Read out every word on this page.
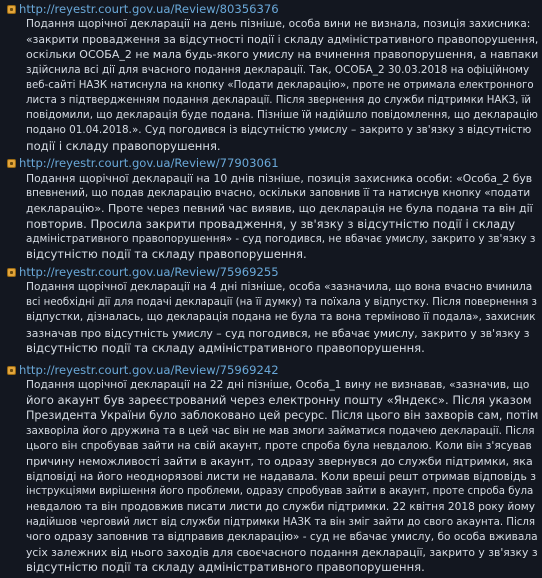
http://reyestr.court.gov.ua/Review/80356376

Подання щорічної декларації на день пізніше, особа вини не визнала, позиція захисника:
«закрити провадження за відсутності події і складу адміністративного правопорушення,
оскільки ОСОБА_2 не мала будь-якого умислу на вчинення правопорушення, а навпаки
здійснила всі дії для вчасного подання декларації. Так, ОСОБА_2 30.03.2018 на офіційному
веб-сайті НАЗК натиснула на кнопку «Подати декларацію», проте не отримала електронного
листа з підтвердженням подання декларації. Після звернення до служби підтримки НАКЗ, їй
повідомили, що декларація буде подана. Пізніше їй надійшло повідомлення, що декларацію
подано 01.04.2018.». Суд погодився із відсутністю умислу – закрито у зв'язку з відсутністю
події і складу правопорушення.

http://reyestr.court.gov.ua/Review/77903061

Подання щорічної декларації на 10 днів пізніше, позиція захисника особи: «Особа_2 був
впевнений, що подав декларацію вчасно, оскільки заповнив її та натиснув кнопку «подати
декларацію». Проте через певний час виявив, що декларація не була подана та він дії
повторив. Просила закрити провадження, у зв'язку з відсутністю події і складу
адміністративного правопорушення» - суд погодився, не вбачає умислу, закрито у зв'язку з
відсутністю події та складу правопорушення.

http://reyestr.court.gov.ua/Review/75969255

Подання щорічної декларації на 4 дні пізніше, особа «зазначила, що вона вчасно вчинила
всі необхідні дії для подачі декларації (на її думку) та поїхала у відпустку. Після повернення з
відпустки, дізналась, що декларація подана не була та вона терміново її подала», захисник
зазначав про відсутність умислу – суд погодився, не вбачає умислу, закрито у зв'язку з
відсутністю події та складу адміністративного правопорушення.

http://reyestr.court.gov.ua/Review/75969242

Подання щорічної декларації на 22 дні пізніше, Особа_1 вину не визнавав, «зазначив, що
його акаунт був зареєстрований через електронну пошту «Яндекс». Після указом
Президента України було заблоковано цей ресурс. Після цього він захворів сам, потім
захворіла його дружина та в цей час він не мав змоги займатися подачею декларації. Після
цього він спробував зайти на свій акаунт, проте спроба була невдалою. Коли він з'ясував
причину неможливості зайти в акаунт, то одразу звернувся до служби підтримки, яка
відповіді на його неоднорязові листи не надавала. Коли вреші решт отримав відповідь з
інструкціями вирішення його проблеми, одразу спробував зайти в акаунт, проте спроба була
невдалою та він продовжив писати листи до служби підтримки. 22 квітня 2018 року йому
надійшов черговий лист від служби підтримки НАЗК та він зміг зайти до свого акаунта. Після
чого одразу заповнив та відправив декларацію» - суд не вбачає умислу, бо особа вживала
усіх залежних від нього заходів для своєчасного подання декларації, закрито у зв'язку з
відсутністю події та складу адміністративного правопорушення.
